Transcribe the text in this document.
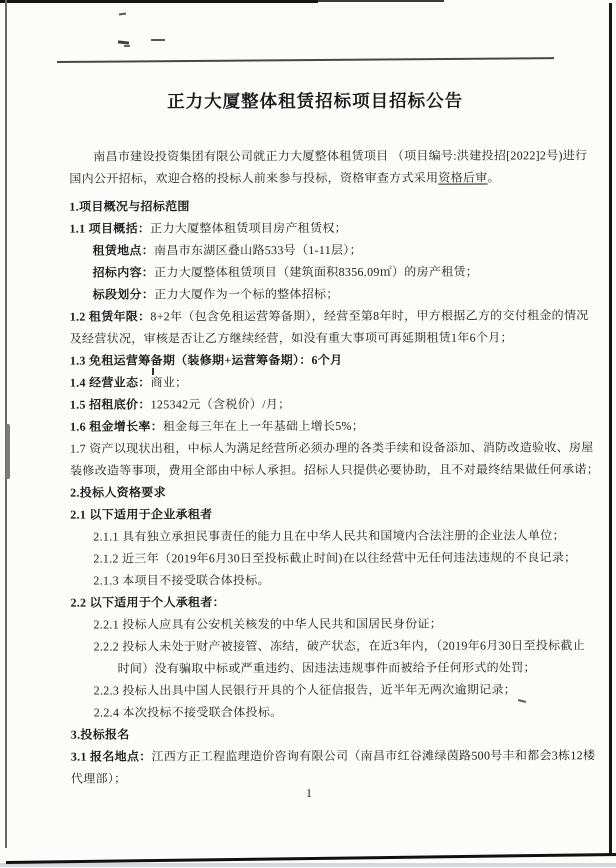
正力大厦整体租赁招标项目招标公告
南昌市建设投资集团有限公司就正力大厦整体租赁项目 （项目编号:洪建投招[2022]2号)进行
国内公开招标，欢迎合格的投标人前来参与投标，资格审查方式采用资格后审。
1.项目概况与招标范围
1.1 项目概括：正力大厦整体租赁项目房产租赁权；
租赁地点：南昌市东湖区叠山路533号（1-11层）；
招标内容：正力大厦整体租赁项目（建筑面积8356.09㎡）的房产租赁；
标段划分：正力大厦作为一个标的整体招标；
1.2 租赁年限：8+2年（包含免租运营筹备期），经营至第8年时，甲方根据乙方的交付租金的情况
及经营状况，审核是否让乙方继续经营，如没有重大事项可再延期租赁1年6个月；
1.3 免租运营筹备期（装修期+运营筹备期）：6个月
1.4 经营业态：商业；
1.5 招租底价：125342元（含税价）/月；
1.6 租金增长率：租金每三年在上一年基础上增长5%；
1.7 资产以现状出租，中标人为满足经营所必须办理的各类手续和设备添加、消防改造验收、房屋
装修改造等事项，费用全部由中标人承担。招标人只提供必要协助，且不对最终结果做任何承诺；
2.投标人资格要求
2.1 以下适用于企业承租者
2.1.1 具有独立承担民事责任的能力且在中华人民共和国境内合法注册的企业法人单位；
2.1.2 近三年（2019年6月30日至投标截止时间)在以往经营中无任何违法违规的不良记录；
2.1.3 本项目不接受联合体投标。
2.2 以下适用于个人承租者：
2.2.1 投标人应具有公安机关核发的中华人民共和国居民身份证；
2.2.2 投标人未处于财产被接管、冻结，破产状态，在近3年内，（2019年6月30日至投标截止
时间）没有骗取中标或严重违约、因违法违规事件而被给予任何形式的处罚；
2.2.3 投标人出具中国人民银行开具的个人征信报告，近半年无两次逾期记录；
2.2.4 本次投标不接受联合体投标。
3.投标报名
3.1 报名地点：江西方正工程监理造价咨询有限公司（南昌市红谷滩绿茵路500号丰和都会3栋12楼
代理部）；
1
